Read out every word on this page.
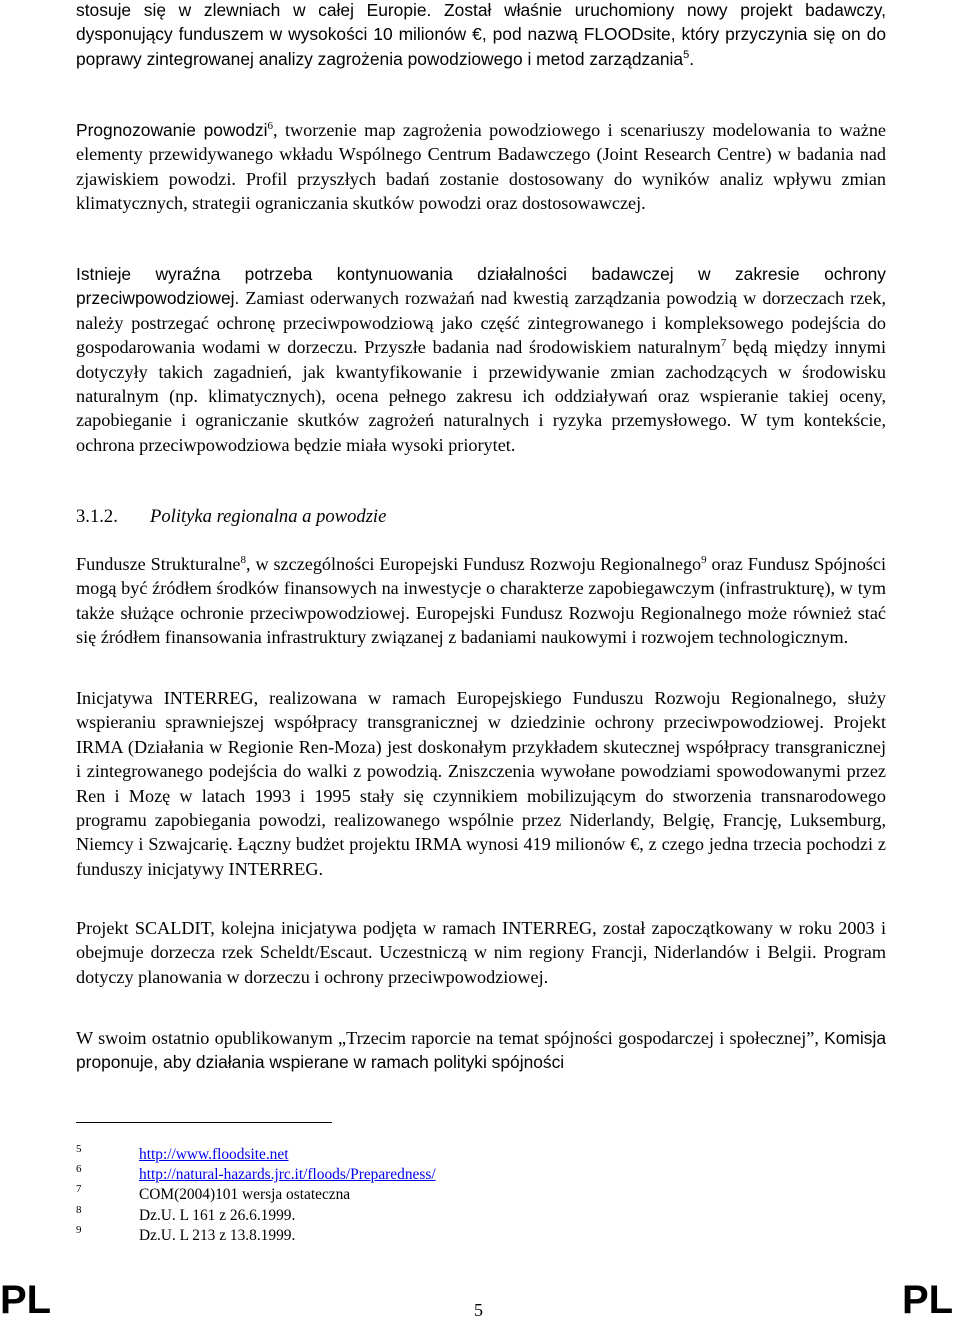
stosuje się w zlewniach w całej Europie. Został właśnie uruchomiony nowy projekt badawczy, dysponujący funduszem w wysokości 10 milionów €, pod nazwą FLOODsite, który przyczynia się on do poprawy zintegrowanej analizy zagrożenia powodziowego i metod zarządzania$^5$.

Prognozowanie powodzi$^6$, tworzenie map zagrożenia powodziowego i scenariuszy modelowania to ważne elementy przewidywanego wkładu Wspólnego Centrum Badawczego (Joint Research Centre) w badania nad zjawiskiem powodzi. Profil przyszłych badań zostanie dostosowany do wyników analiz wpływu zmian klimatycznych, strategii ograniczania skutków powodzi oraz dostosowawczej.

Istnieje wyraźna potrzeba kontynuowania działalności badawczej w zakresie ochrony przeciwpowodziowej. Zamiast oderwanych rozważań nad kwestią zarządzania powodzią w dorzeczach rzek, należy postrzegać ochronę przeciwpowodziową jako część zintegrowanego i kompleksowego podejścia do gospodarowania wodami w dorzeczu. Przyszłe badania nad środowiskiem naturalnym$^7$ będą między innymi dotyczyły takich zagadnień, jak kwantyfikowanie i przewidywanie zmian zachodzących w środowisku naturalnym (np. klimatycznych), ocena pełnego zakresu ich oddziaływań oraz wspieranie takiej oceny, zapobieganie i ograniczanie skutków zagrożeń naturalnych i ryzyka przemysłowego. W tym kontekście, ochrona przeciwpowodziowa będzie miała wysoki priorytet.

3.1.2. Polityka regionalna a powodzie

Fundusze Strukturalne$^8$, w szczególności Europejski Fundusz Rozwoju Regionalnego$^9$ oraz Fundusz Spójności mogą być źródłem środków finansowych na inwestycje o charakterze zapobiegawczym (infrastrukturę), w tym także służące ochronie przeciwpowodziowej. Europejski Fundusz Rozwoju Regionalnego może również stać się źródłem finansowania infrastruktury związanej z badaniami naukowymi i rozwojem technologicznym.

Inicjatywa INTERREG, realizowana w ramach Europejskiego Funduszu Rozwoju Regionalnego, służy wspieraniu sprawniejszej współpracy transgranicznej w dziedzinie ochrony przeciwpowodziowej. Projekt IRMA (Działania w Regionie Ren-Moza) jest doskonałym przykładem skutecznej współpracy transgranicznej i zintegrowanego podejścia do walki z powodzią. Zniszczenia wywołane powodziami spowodowanymi przez Ren i Mozę w latach 1993 i 1995 stały się czynnikiem mobilizującym do stworzenia transnarodowego programu zapobiegania powodzi, realizowanego wspólnie przez Niderlandy, Belgię, Francję, Luksemburg, Niemcy i Szwajcarię. Łączny budżet projektu IRMA wynosi 419 milionów €, z czego jedna trzecia pochodzi z funduszy inicjatywy INTERREG.

Projekt SCALDIT, kolejna inicjatywa podjęta w ramach INTERREG, został zapoczątkowany w roku 2003 i obejmuje dorzecza rzek Scheldt/Escaut. Uczestniczą w nim regiony Francji, Niderlandów i Belgii. Program dotyczy planowania w dorzeczu i ochrony przeciwpowodziowej.

W swoim ostatnio opublikowanym „Trzecim raporcie na temat spójności gospodarczej i społecznej”, Komisja proponuje, aby działania wspierane w ramach polityki spójności

5	http://www.floodsite.net
6	http://natural-hazards.jrc.it/floods/Preparedness/
7	COM(2004)101 wersja ostateczna
8	Dz.U. L 161 z 26.6.1999.
9	Dz.U. L 213 z 13.8.1999.
PL	5	PL
